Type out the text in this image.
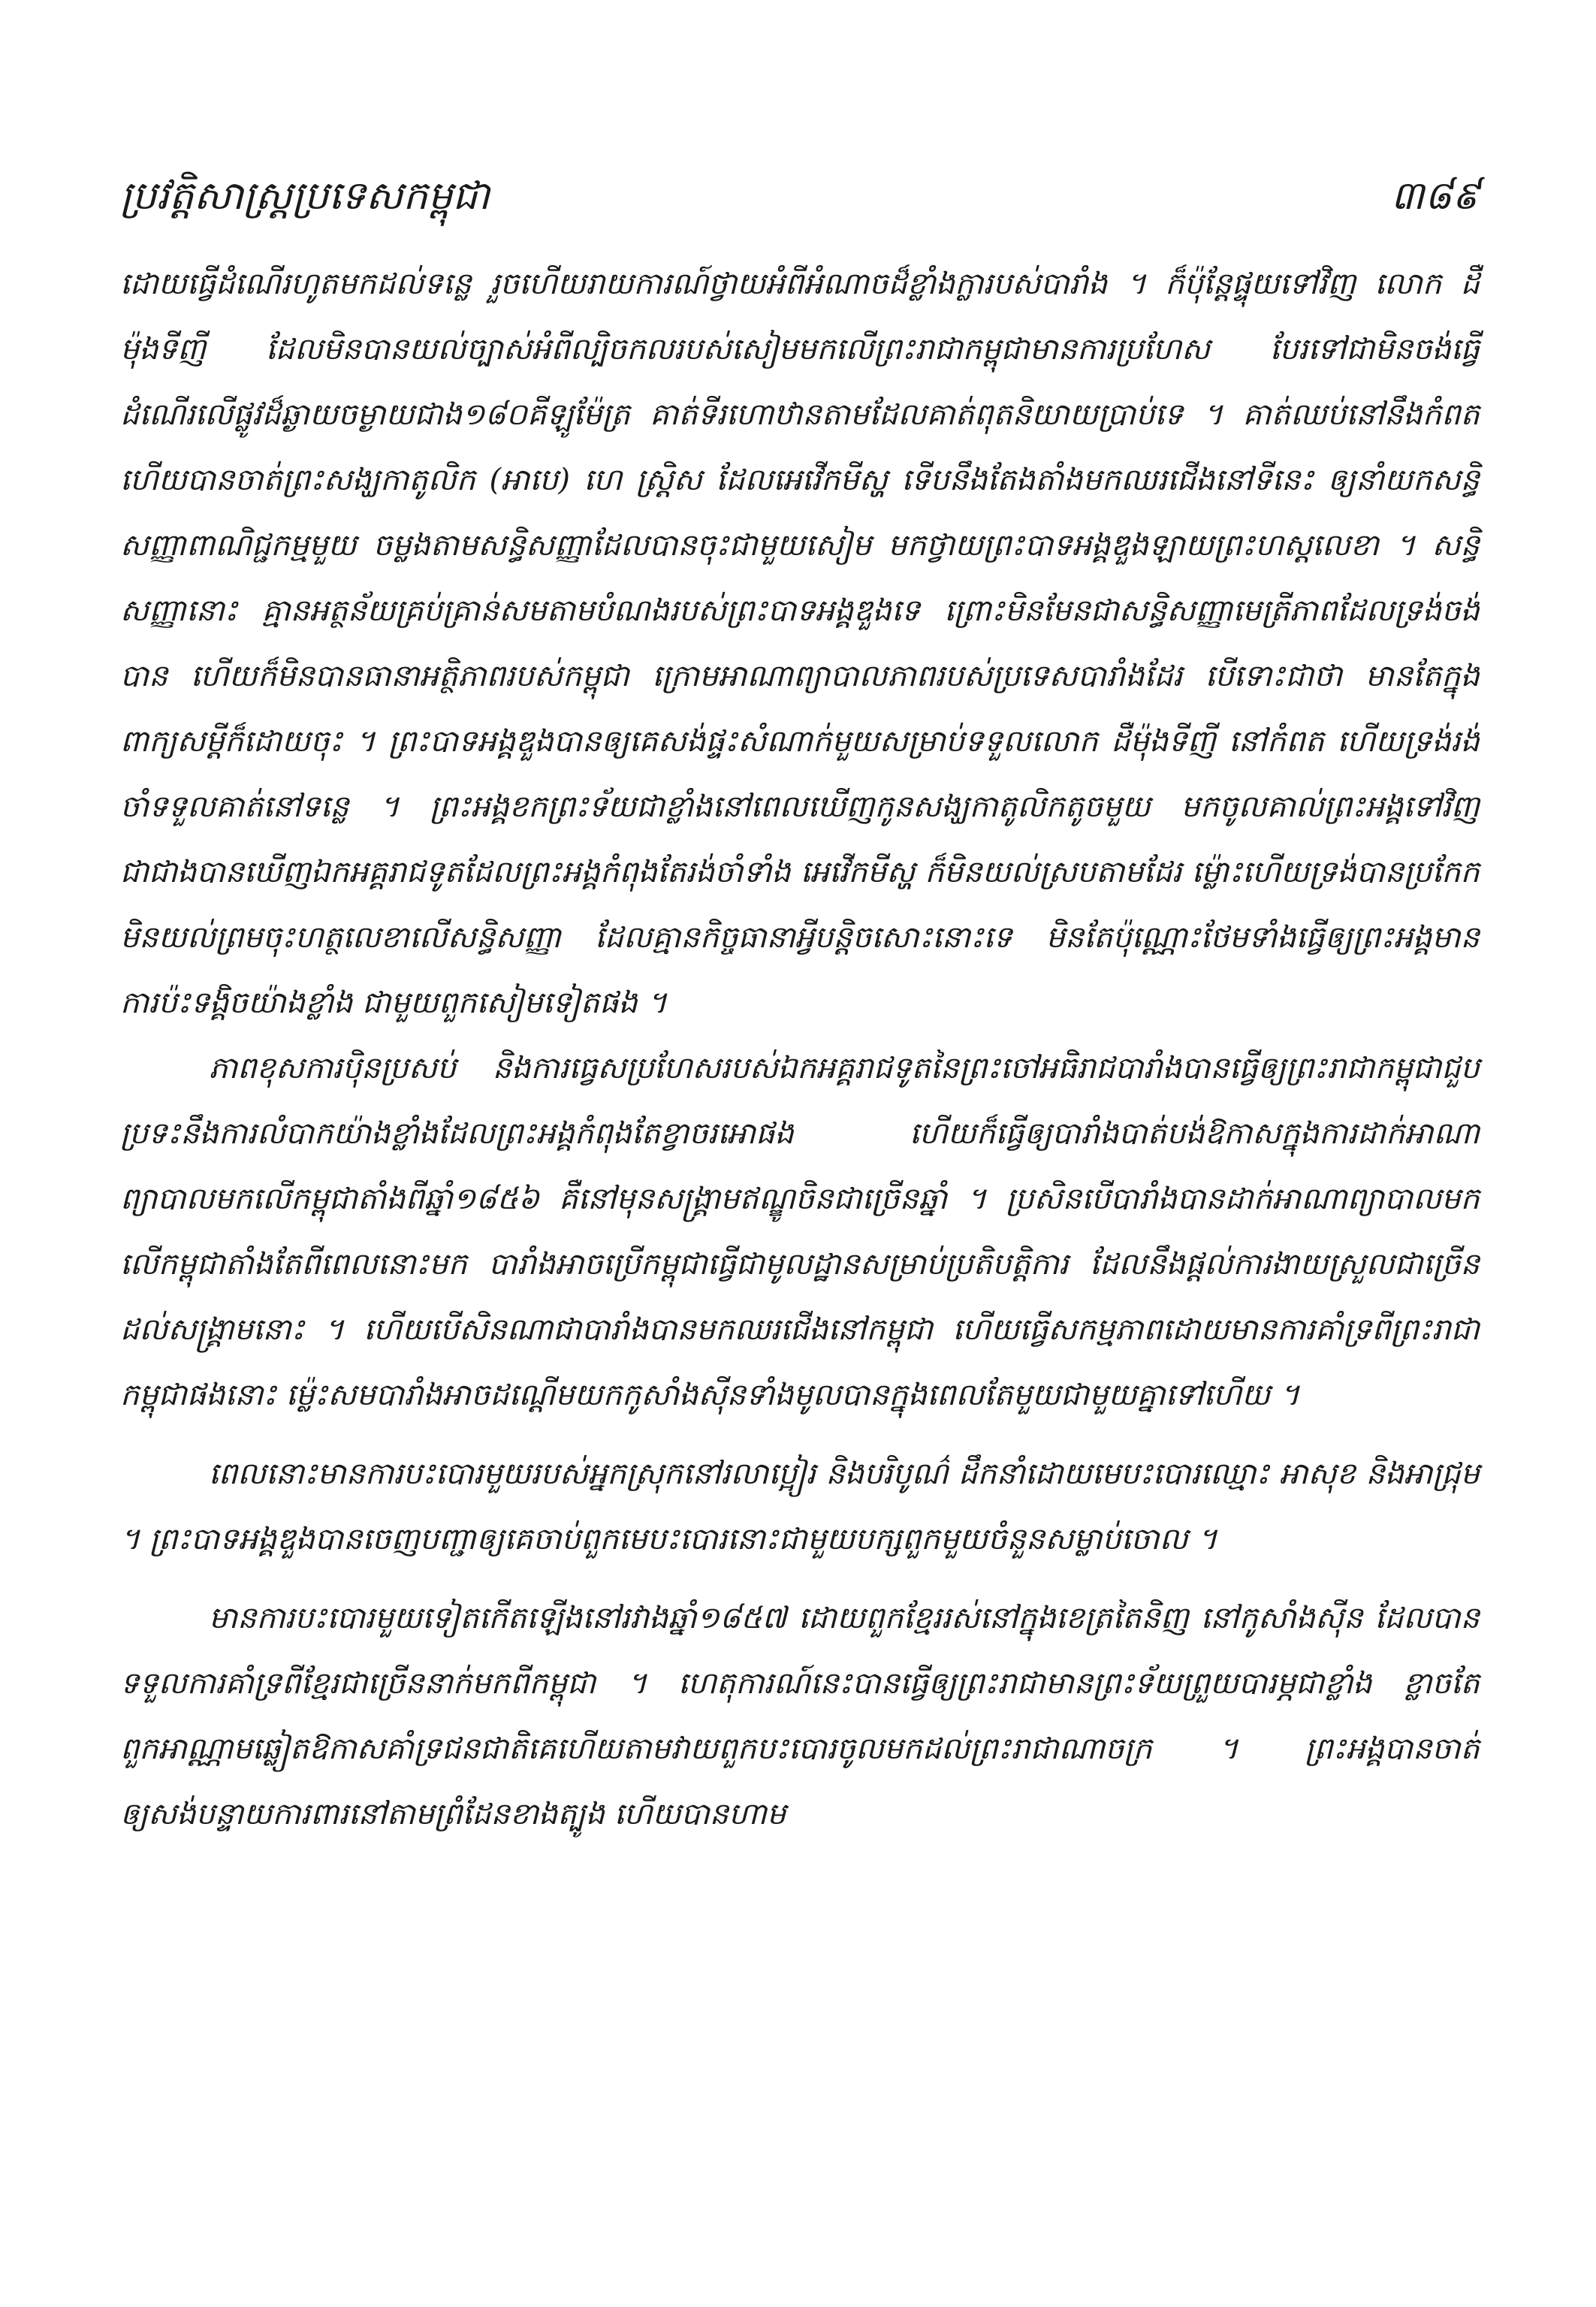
ប្រវត្តិសាស្ត្រប្រទេសកម្ពុជា	៣៨៩

ដោយធ្វើដំណើរហូតមកដល់ទន្លេ រួចហើយរាយការណ៍ថ្វាយអំពីអំណាចដ៏ខ្លាំងក្លារបស់បារាំង ។ ក៏ប៉ុន្តែផ្ទុយទៅវិញ លោក ដឺម៉ុងទីញី ដែលមិនបានយល់ច្បាស់អំពីល្បិចកលរបស់សៀមមកលើព្រះរាជាកម្ពុជាមានការប្រហែស បែរទៅជាមិនចង់ធ្វើដំណើរលើផ្លូវដ៏ឆ្ងាយចម្ងាយជាង១៨០គីឡូម៉ែត្រ គាត់ទីរហោឋានតាមដែលគាត់ពុតនិយាយប្រាប់ទេ ។ គាត់ឈប់នៅនឹងកំពត ហើយបានចាត់ព្រះសង្ឃកាតូលិក (អាបេ) ហេ ស្រ្តិស ដែលអេវើកមីស្ហ ទើបនឹងតែងតាំងមកឈរជើងនៅទីនេះ ឲ្យនាំយកសន្ធិសញ្ញាពាណិជ្ជកម្មមួយ ចម្លងតាមសន្ធិសញ្ញាដែលបានចុះជាមួយសៀម មកថ្វាយព្រះបាទអង្គឌួងឡាយព្រះហស្តលេខា ។ សន្ធិសញ្ញានោះ គ្មានអត្ថន័យគ្រប់គ្រាន់សមតាមបំណងរបស់ព្រះបាទអង្គឌួងទេ ព្រោះមិនមែនជាសន្ធិសញ្ញាមេត្រីភាពដែលទ្រង់ចង់បាន ហើយក៏មិនបានធានាអត្ថិភាពរបស់កម្ពុជា ក្រោមអាណាព្យាបាលភាពរបស់ប្រទេសបារាំងដែរ បើទោះជាថា មានតែក្នុងពាក្យសម្តីក៏ដោយចុះ ។ ព្រះបាទអង្គឌួងបានឲ្យគេសង់ផ្ទះសំណាក់មួយសម្រាប់ទទួលលោក ដឺម៉ុងទីញី នៅកំពត ហើយទ្រង់រង់ចាំទទួលគាត់នៅទន្លេ ។ ព្រះអង្គខកព្រះទ័យជាខ្លាំងនៅពេលឃើញកូនសង្ឃកាតូលិកតូចមួយ មកចូលគាល់ព្រះអង្គទៅវិញ ជាជាងបានឃើញឯកអគ្គរាជទូតដែលព្រះអង្គកំពុងតែរង់ចាំទាំង អេវើកមីស្ហ ក៏មិនយល់ស្របតាមដែរ ម្ល៉ោះហើយទ្រង់បានប្រកែកមិនយល់ព្រមចុះហត្ថលេខាលើសន្ធិសញ្ញា ដែលគ្មានកិច្ចធានាអ្វីបន្តិចសោះនោះទេ មិនតែប៉ុណ្ណោះថែមទាំងធ្វើឲ្យព្រះអង្គមានការប៉ះទង្គិចយ៉ាងខ្លាំង ជាមួយពួកសៀមទៀតផង ។

ភាពខុសការប៉ិនប្រសប់ និងការធ្វេសប្រហែសរបស់ឯកអគ្គរាជទូតនៃព្រះចៅអធិរាជបារាំងបានធ្វើឲ្យព្រះរាជាកម្ពុជាជួបប្រទះនឹងការលំបាកយ៉ាងខ្លាំងដែលព្រះអង្គកំពុងតែខ្វាចរអោផង ហើយក៏ធ្វើឲ្យបារាំងបាត់បង់ឱកាសក្នុងការដាក់អាណាព្យាបាលមកលើកម្ពុជាតាំងពីឆ្នាំ១៨៥៦ គឺនៅមុនសង្គ្រាមឥណ្ឌូចិនជាច្រើនឆ្នាំ ។ ប្រសិនបើបារាំងបានដាក់អាណាព្យាបាលមកលើកម្ពុជាតាំងតែពីពេលនោះមក បារាំងអាចប្រើកម្ពុជាធ្វើជាមូលដ្ឋានសម្រាប់ប្រតិបត្តិការ ដែលនឹងផ្តល់ការងាយស្រួលជាច្រើនដល់សង្គ្រាមនោះ ។ ហើយបើសិនណាជាបារាំងបានមកឈរជើងនៅកម្ពុជា ហើយធ្វើសកម្មភាពដោយមានការគាំទ្រពីព្រះរាជាកម្ពុជាផងនោះ ម្ល៉េះសមបារាំងអាចដណ្តើមយកកូសាំងស៊ីនទាំងមូលបានក្នុងពេលតែមួយជាមួយគ្នាទៅហើយ ។

ពេលនោះមានការបះបោរមួយរបស់អ្នកស្រុកនៅរលាប្អៀរ និងបរិបូណ៌ ដឹកនាំដោយមេបះបោរឈ្មោះ អាសុខ និងអាជ្រុម ។ ព្រះបាទអង្គឌួងបានចេញបញ្ជាឲ្យគេចាប់ពួកមេបះបោរនោះជាមួយបក្សពួកមួយចំនួនសម្លាប់ចោល ។

មានការបះបោរមួយទៀតកើតឡើងនៅរវាងឆ្នាំ១៨៥៧ ដោយពួកខ្មែររស់នៅក្នុងខេត្រតៃនិញ នៅកូសាំងស៊ីន ដែលបានទទួលការគាំទ្រពីខ្មែរជាច្រើននាក់មកពីកម្ពុជា ។ ហេតុការណ៍នេះបានធ្វើឲ្យព្រះរាជាមានព្រះទ័យព្រួយបារម្ភជាខ្លាំង ខ្លាចតែពួកអាណ្ណាមឆ្លៀតឱកាសគាំទ្រជនជាតិគេហើយតាមវាយពួកបះបោរចូលមកដល់ព្រះរាជាណាចក្រ ។ ព្រះអង្គបានចាត់ឲ្យសង់បន្ទាយការពារនៅតាមព្រំដែនខាងត្បូង ហើយបានហាម
